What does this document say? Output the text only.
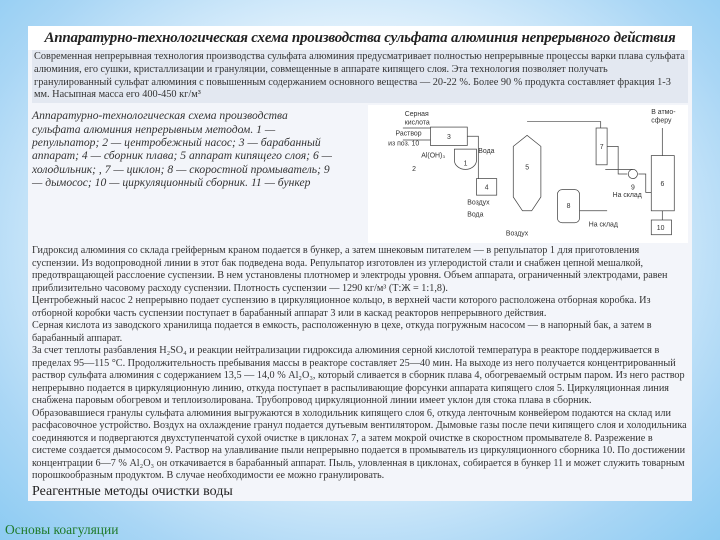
Аппаратурно-технологическая схема производства сульфата алюминия непрерывного действия
Современная непрерывная технология производства сульфата алюминия предусматривает полностью непрерывные процессы варки плава сульфата алюминия, его сушки, кристаллизации и грануляции, совмещенные в аппарате кипящего слоя. Эта технология позволяет получать гранулированный сульфат алюминия с повышенным содержанием основного вещества — 20-22 %. Более 90 % продукта составляет фракция 1-3 мм. Насыпная масса его 400-450 кг/м³
Аппаратурно-технологическая схема производства сульфата алюминия непрерывным методом. 1 — репульпатор; 2 — центробежный насос; 3 — барабанный аппарат; 4 — сборник плава; 5 аппарат кипящего слоя; 6 — холодильник; , 7 — циклон; 8 — скоростной промыватель; 9 — дымосос; 10 — циркуляционный сборник. 11 — бункер
Серная
кислота
Раствор
из поз. 10
Al(OH)₃
Вода
Воздух
Вода
Воздух
На склад
На склад
В атмо-
сферу
1
2
3
4
5
6
7
8
9
10

Гидроксид алюминия со склада грейферным краном подается в бункер, а затем шнековым питателем — в репульпатор 1 для приготовления суспензии. Из водопроводной линии в этот бак подведена вода. Репульпатор изготовлен из углеродистой стали и снабжен цепной мешалкой, предотвращающей расслоение суспензии. В нем установлены плотномер и электроды уровня. Объем аппарата, ограниченный электродами, равен приблизительно часовому расходу суспензии. Плотность суспензии — 1290 кг/м³ (Т:Ж = 1:1,8).

Центробежный насос 2 непрерывно подает суспензию в циркуляционное кольцо, в верхней части которого расположена отборная коробка. Из отборной коробки часть суспензии поступает в барабанный аппарат 3 или в каскад реакторов непрерывного действия.

Серная кислота из заводского хранилища подается в емкость, расположенную в цехе, откуда погружным насосом — в напорный бак, а затем в барабанный аппарат.

За счет теплоты разбавления H₂SO₄ и реакции нейтрализации гидроксида алюминия серной кислотой температура в реакторе поддерживается в пределах 95—115 °С. Продолжительность пребывания массы в реакторе составляет 25—40 мин. На выходе из него получается концентрированный раствор сульфата алюминия с содержанием 13,5 — 14,0 % Al₂O₃, который сливается в сборник плава 4, обогреваемый острым паром. Из него раствор непрерывно подается в циркуляционную линию, откуда поступает в распыливающие форсунки аппарата кипящего слоя 5. Циркуляционная линия снабжена паровым обогревом и теплоизолирована. Трубопровод циркуляционной линии имеет уклон для стока плава в сборник.

Образовавшиеся гранулы сульфата алюминия выгружаются в холодильник кипящего слоя 6, откуда ленточным конвейером подаются на склад или расфасовочное устройство. Воздух на охлаждение гранул подается дутьевым вентилятором. Дымовые газы после печи кипящего слоя и холодильника соединяются и подвергаются двухступенчатой сухой очистке в циклонах 7, а затем мокрой очистке в скоростном промывателе 8. Разрежение в системе создается дымососом 9. Раствор на улавливание пыли непрерывно подается в промыватель из циркуляционного сборника 10. По достижении концентрации 6—7 % Al₂O₃ он откачивается в барабанный аппарат. Пыль, уловленная в циклонах, собирается в бункер 11 и может служить товарным порошкообразным продуктом. В случае необходимости ее можно гранулировать.

Реагентные методы очистки воды
Основы коагуляции
